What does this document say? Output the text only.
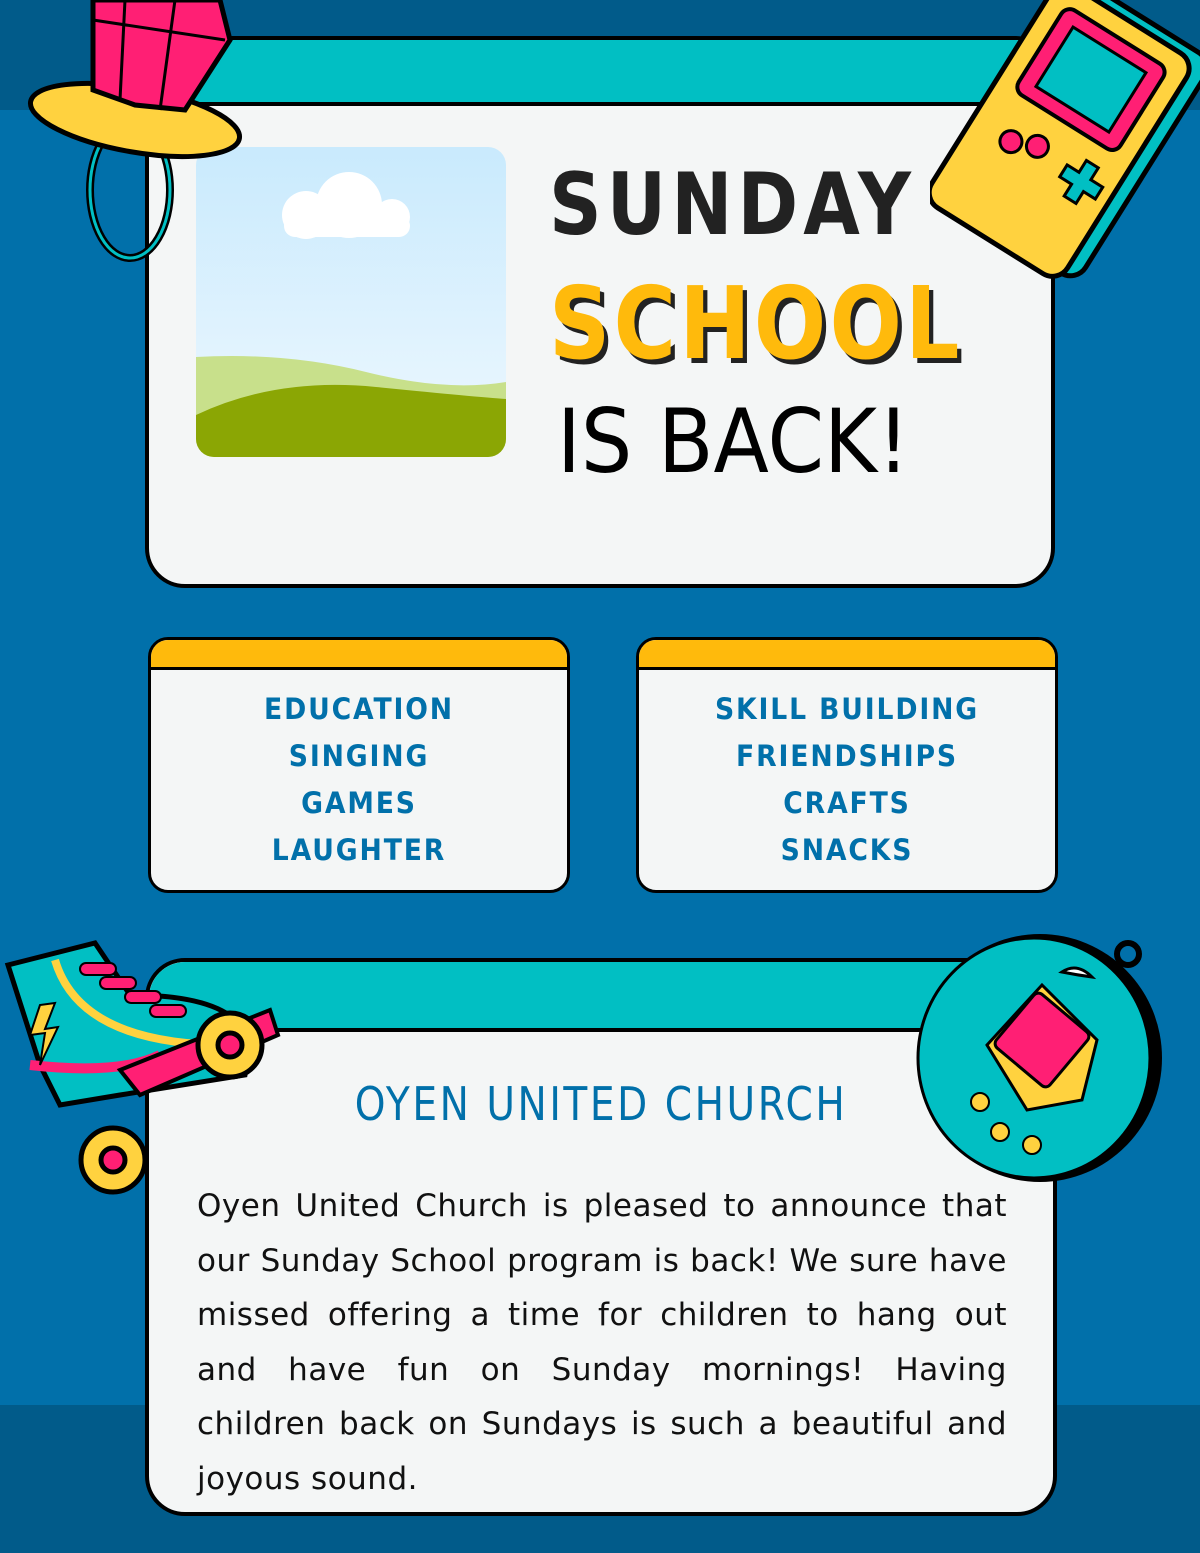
SUNDAY
SCHOOL
IS BACK!
EDUCATION
SINGING
GAMES
LAUGHTER
SKILL BUILDING
FRIENDSHIPS
CRAFTS
SNACKS
OYEN UNITED CHURCH

Oyen United Church is pleased to announce that our Sunday School program is back! We sure have missed offering a time for children to hang out and have fun on Sunday mornings! Having children back on Sundays is such a beautiful and joyous sound.
